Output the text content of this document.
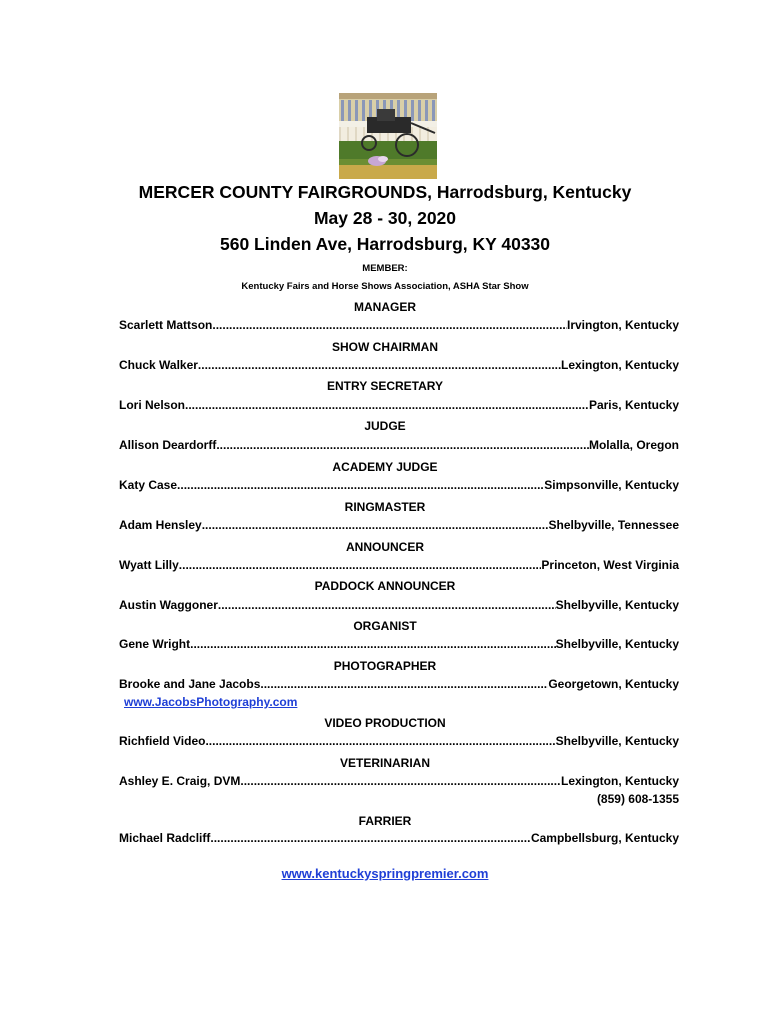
MERCER COUNTY FAIRGROUNDS, Harrodsburg, Kentucky
May 28 - 30, 2020
560 Linden Ave, Harrodsburg, KY 40330
MEMBER:
Kentucky Fairs and Horse Shows Association, ASHA Star Show
MANAGER
Scarlett Mattson .....	Irvington, Kentucky
SHOW CHAIRMAN
Chuck Walker .....	Lexington, Kentucky
ENTRY SECRETARY
Lori Nelson .....	Paris, Kentucky
JUDGE
Allison Deardorff .....	Molalla, Oregon
ACADEMY JUDGE
Katy Case .....	Simpsonville, Kentucky
RINGMASTER
Adam Hensley .....	Shelbyville, Tennessee
ANNOUNCER
Wyatt Lilly .....	Princeton, West Virginia
PADDOCK ANNOUNCER
Austin Waggoner .....	Shelbyville, Kentucky
ORGANIST
Gene Wright .....	Shelbyville, Kentucky
PHOTOGRAPHER
Brooke and Jane Jacobs .....	Georgetown, Kentucky
www.JacobsPhotography.com
VIDEO PRODUCTION
Richfield Video .....	Shelbyville, Kentucky
VETERINARIAN
Ashley E. Craig, DVM .....	Lexington, Kentucky
(859) 608-1355
FARRIER
Michael Radcliff .....	Campbellsburg, Kentucky
www.kentuckyspringpremier.com
